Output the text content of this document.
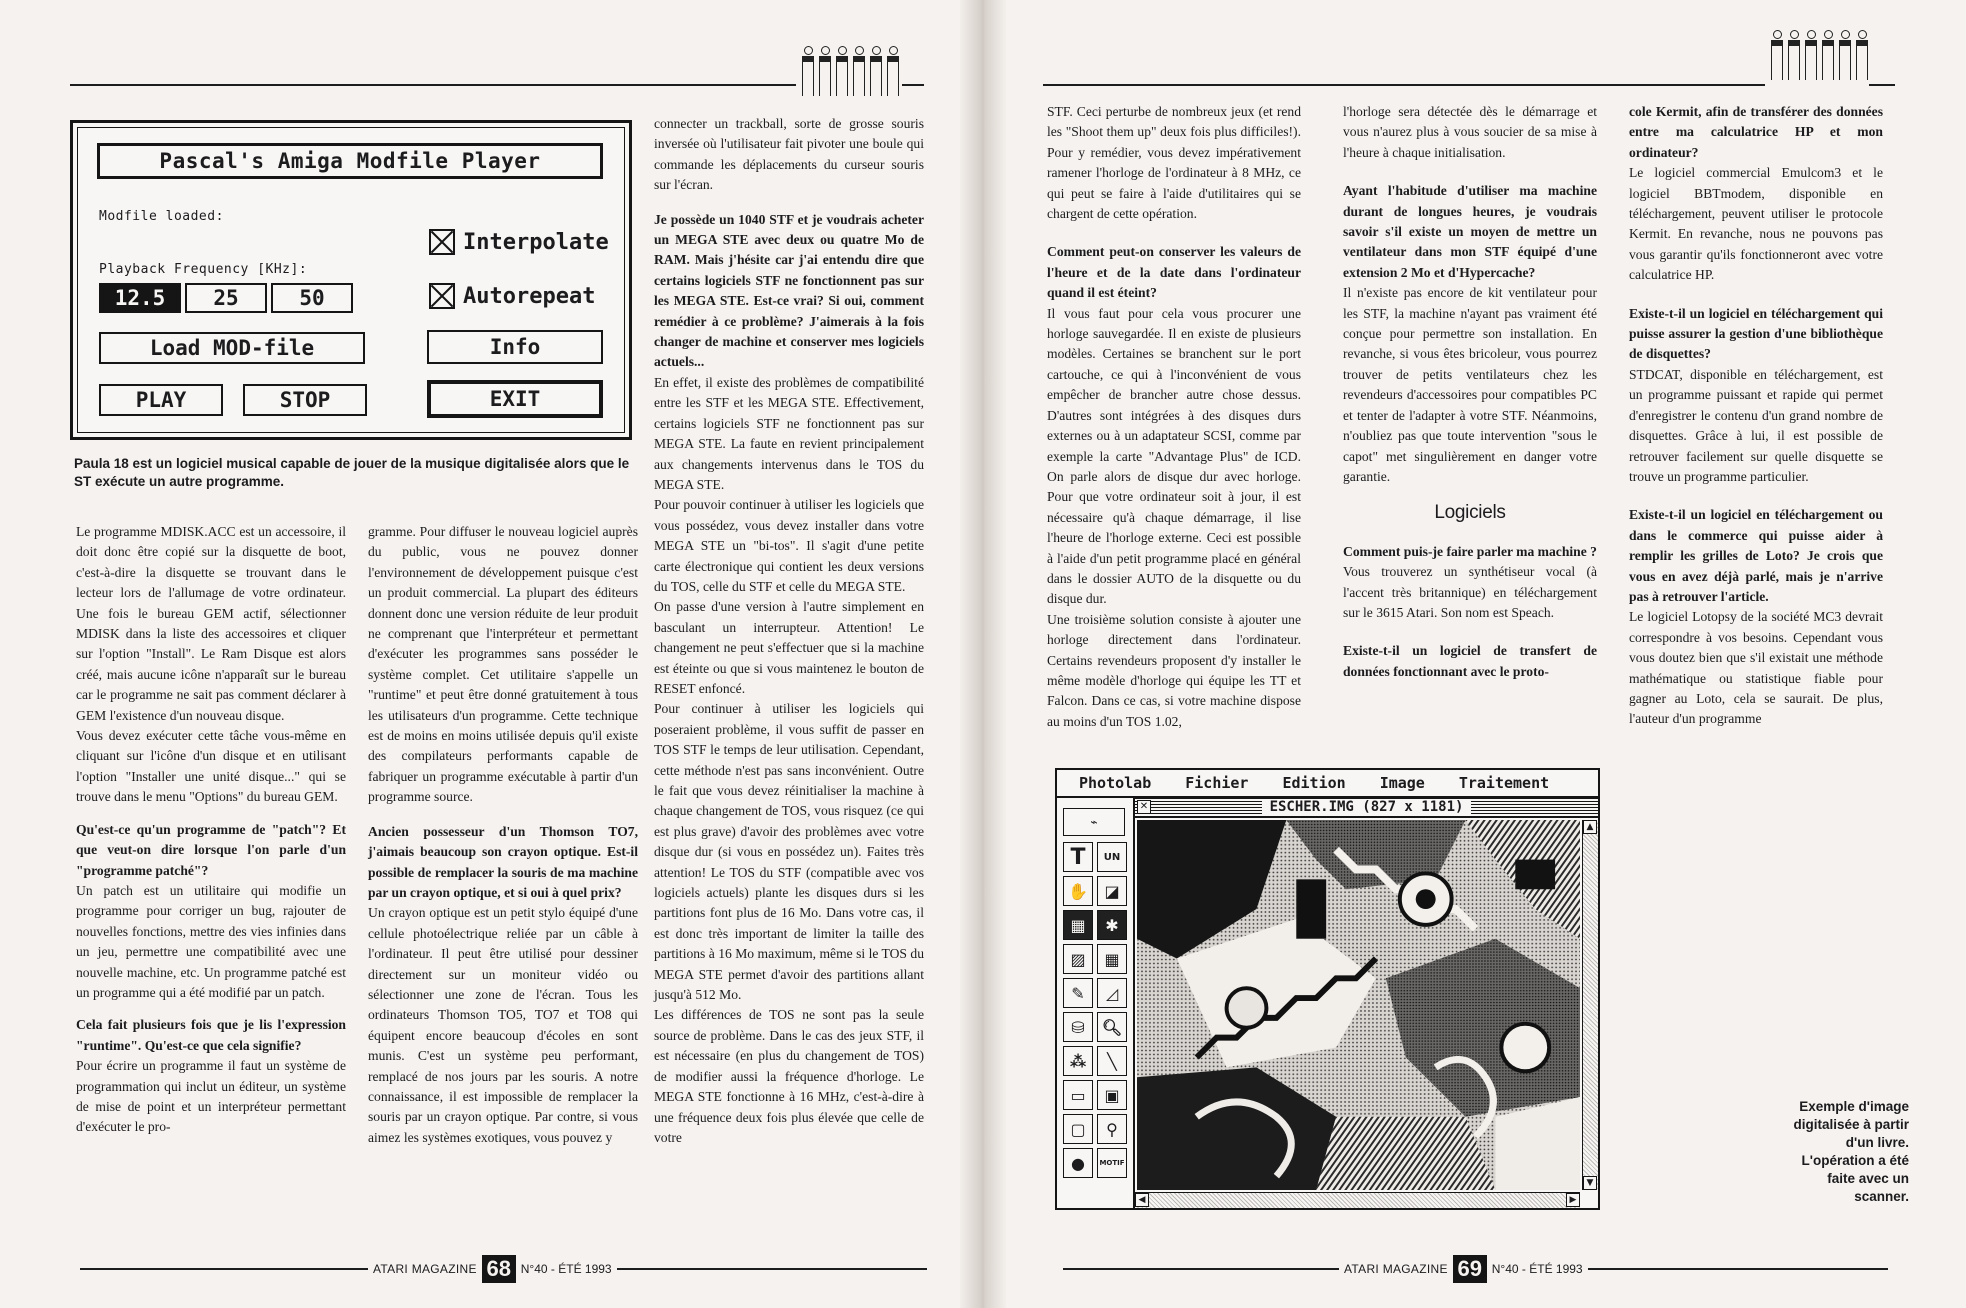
Pascal's Amiga Modfile Player
Modfile loaded:
Playback Frequency [KHz]:
12.5	25	50
Interpolate
Autorepeat
Load MOD-file	Info
PLAY	STOP	EXIT
Paula 18 est un logiciel musical capable de jouer de la musique digitalisée alors que le ST exécute un autre programme.

Le programme MDISK.ACC est un accessoire, il doit donc être copié sur la disquette de boot, c'est-à-dire la disquette se trouvant dans le lecteur lors de l'allumage de votre ordinateur. Une fois le bureau GEM actif, sélectionner MDISK dans la liste des accessoires et cliquer sur l'option "Install". Le Ram Disque est alors créé, mais aucune icône n'apparaît sur le bureau car le programme ne sait pas comment déclarer à GEM l'existence d'un nouveau disque.

Vous devez exécuter cette tâche vous-même en cliquant sur l'icône d'un disque et en utilisant l'option "Installer une unité disque..." qui se trouve dans le menu "Options" du bureau GEM.

Qu'est-ce qu'un programme de "patch"? Et que veut-on dire lorsque l'on parle d'un "programme patché"?

Un patch est un utilitaire qui modifie un programme pour corriger un bug, rajouter de nouvelles fonctions, mettre des vies infinies dans un jeu, permettre une compatibilité avec une nouvelle machine, etc. Un programme patché est un programme qui a été modifié par un patch.

Cela fait plusieurs fois que je lis l'expression "runtime". Qu'est-ce que cela signifie?

Pour écrire un programme il faut un système de programmation qui inclut un éditeur, un système de mise de point et un interpréteur permettant d'exécuter le pro-

gramme. Pour diffuser le nouveau logiciel auprès du public, vous ne pouvez donner l'environnement de développement puisque c'est un produit commercial. La plupart des éditeurs donnent donc une version réduite de leur produit ne comprenant que l'interpréteur et permettant d'exécuter les programmes sans posséder le système complet. Cet utilitaire s'appelle un "runtime" et peut être donné gratuitement à tous les utilisateurs d'un programme. Cette technique est de moins en moins utilisée depuis qu'il existe des compilateurs performants capable de fabriquer un programme exécutable à partir d'un programme source.

Ancien possesseur d'un Thomson TO7, j'aimais beaucoup son crayon optique. Est-il possible de remplacer la souris de ma machine par un crayon optique, et si oui à quel prix?

Un crayon optique est un petit stylo équipé d'une cellule photoélectrique reliée par un câble à l'ordinateur. Il peut être utilisé pour dessiner directement sur un moniteur vidéo ou sélectionner une zone de l'écran. Tous les ordinateurs Thomson TO5, TO7 et TO8 qui équipent encore beaucoup d'écoles en sont munis. C'est un système peu performant, remplacé de nos jours par les souris. A notre connaissance, il est impossible de remplacer la souris par un crayon optique. Par contre, si vous aimez les systèmes exotiques, vous pouvez y

connecter un trackball, sorte de grosse souris inversée où l'utilisateur fait pivoter une boule qui commande les déplacements du curseur souris sur l'écran.

Je possède un 1040 STF et je voudrais acheter un MEGA STE avec deux ou quatre Mo de RAM. Mais j'hésite car j'ai entendu dire que certains logiciels STF ne fonctionnent pas sur les MEGA STE. Est-ce vrai? Si oui, comment remédier à ce problème? J'aimerais à la fois changer de machine et conserver mes logiciels actuels...

En effet, il existe des problèmes de compatibilité entre les STF et les MEGA STE. Effectivement, certains logiciels STF ne fonctionnent pas sur MEGA STE. La faute en revient principalement aux changements intervenus dans le TOS du MEGA STE.

Pour pouvoir continuer à utiliser les logiciels que vous possédez, vous devez installer dans votre MEGA STE un "bi-tos". Il s'agit d'une petite carte électronique qui contient les deux versions du TOS, celle du STF et celle du MEGA STE.

On passe d'une version à l'autre simplement en basculant un interrupteur. Attention! Le changement ne peut s'effectuer que si la machine est éteinte ou que si vous maintenez le bouton de RESET enfoncé.

Pour continuer à utiliser les logiciels qui poseraient problème, il vous suffit de passer en TOS STF le temps de leur utilisation. Cependant, cette méthode n'est pas sans inconvénient. Outre le fait que vous devez réinitialiser la machine à chaque changement de TOS, vous risquez (ce qui est plus grave) d'avoir des problèmes avec votre disque dur (si vous en possédez un). Faites très attention! Le TOS du STF (compatible avec vos logiciels actuels) plante les disques durs si les partitions font plus de 16 Mo. Dans votre cas, il est donc très important de limiter la taille des partitions à 16 Mo maximum, même si le TOS du MEGA STE permet d'avoir des partitions allant jusqu'à 512 Mo.

Les différences de TOS ne sont pas la seule source de problème. Dans le cas des jeux STF, il est nécessaire (en plus du changement de TOS) de modifier aussi la fréquence d'horloge. Le MEGA STE fonctionne à 16 MHz, c'est-à-dire à une fréquence deux fois plus élevée que celle de votre

ATARI MAGAZINE 68 N°40 - ÉTÉ 1993

STF. Ceci perturbe de nombreux jeux (et rend les "Shoot them up" deux fois plus difficiles!). Pour y remédier, vous devez impérativement ramener l'horloge de l'ordinateur à 8 MHz, ce qui peut se faire à l'aide d'utilitaires qui se chargent de cette opération.

Comment peut-on conserver les valeurs de l'heure et de la date dans l'ordinateur quand il est éteint?

Il vous faut pour cela vous procurer une horloge sauvegardée. Il en existe de plusieurs modèles. Certaines se branchent sur le port cartouche, ce qui à l'inconvénient de vous empêcher de brancher autre chose dessus. D'autres sont intégrées à des disques durs externes ou à un adaptateur SCSI, comme par exemple la carte "Advantage Plus" de ICD. On parle alors de disque dur avec horloge. Pour que votre ordinateur soit à jour, il est nécessaire qu'à chaque démarrage, il lise l'heure de l'horloge externe. Ceci est possible à l'aide d'un petit programme placé en général dans le dossier AUTO de la disquette ou du disque dur.

Une troisième solution consiste à ajouter une horloge directement dans l'ordinateur. Certains revendeurs proposent d'y installer le même modèle d'horloge qui équipe les TT et Falcon. Dans ce cas, si votre machine dispose au moins d'un TOS 1.02,

l'horloge sera détectée dès le démarrage et vous n'aurez plus à vous soucier de sa mise à l'heure à chaque initialisation.

Ayant l'habitude d'utiliser ma machine durant de longues heures, je voudrais savoir s'il existe un moyen de mettre un ventilateur dans mon STF équipé d'une extension 2 Mo et d'Hypercache?

Il n'existe pas encore de kit ventilateur pour les STF, la machine n'ayant pas vraiment été conçue pour permettre son installation. En revanche, si vous êtes bricoleur, vous pourrez trouver de petits ventilateurs chez les revendeurs d'accessoires pour compatibles PC et tenter de l'adapter à votre STF. Néanmoins, n'oubliez pas que toute intervention "sous le capot" met singulièrement en danger votre garantie.

Logiciels

Comment puis-je faire parler ma machine ?

Vous trouverez un synthétiseur vocal (à l'accent très britannique) en téléchargement sur le 3615 Atari. Son nom est Speach.

Existe-t-il un logiciel de transfert de données fonctionnant avec le proto-

cole Kermit, afin de transférer des données entre ma calculatrice HP et mon ordinateur?

Le logiciel commercial Emulcom3 et le logiciel BBTmodem, disponible en téléchargement, peuvent utiliser le protocole Kermit. En revanche, nous ne pouvons pas vous garantir qu'ils fonctionneront avec votre calculatrice HP.

Existe-t-il un logiciel en téléchargement qui puisse assurer la gestion d'une bibliothèque de disquettes?

STDCAT, disponible en téléchargement, est un programme puissant et rapide qui permet d'enregistrer le contenu d'un grand nombre de disquettes. Grâce à lui, il est possible de retrouver facilement sur quelle disquette se trouve un programme particulier.

Existe-t-il un logiciel en téléchargement ou dans le commerce qui puisse aider à remplir les grilles de Loto? Je crois que vous en avez déjà parlé, mais je n'arrive pas à retrouver l'article.

Le logiciel Lotopsy de la société MC3 devrait correspondre à vos besoins. Cependant vous vous doutez bien que s'il existait une méthode mathématique ou statistique fiable pour gagner au Loto, cela se saurait. De plus, l'auteur d'un programme

Exemple d'image digitalisée à partir d'un livre. L'opération a été faite avec un scanner.
ATARI MAGAZINE 69 N°40 - ÉTÉ 1993
Photolab Fichier Edition Image Traitement
⌁
T	UN
✋	◪
▦	✱
▨	▦
✎	◿
⛁	🔍︎
⁂	╲
▭	▣
▢	⚲
●	MOTIF
✕	ESCHER.IMG (827 x 1181)
▲
▼
◀	▶
